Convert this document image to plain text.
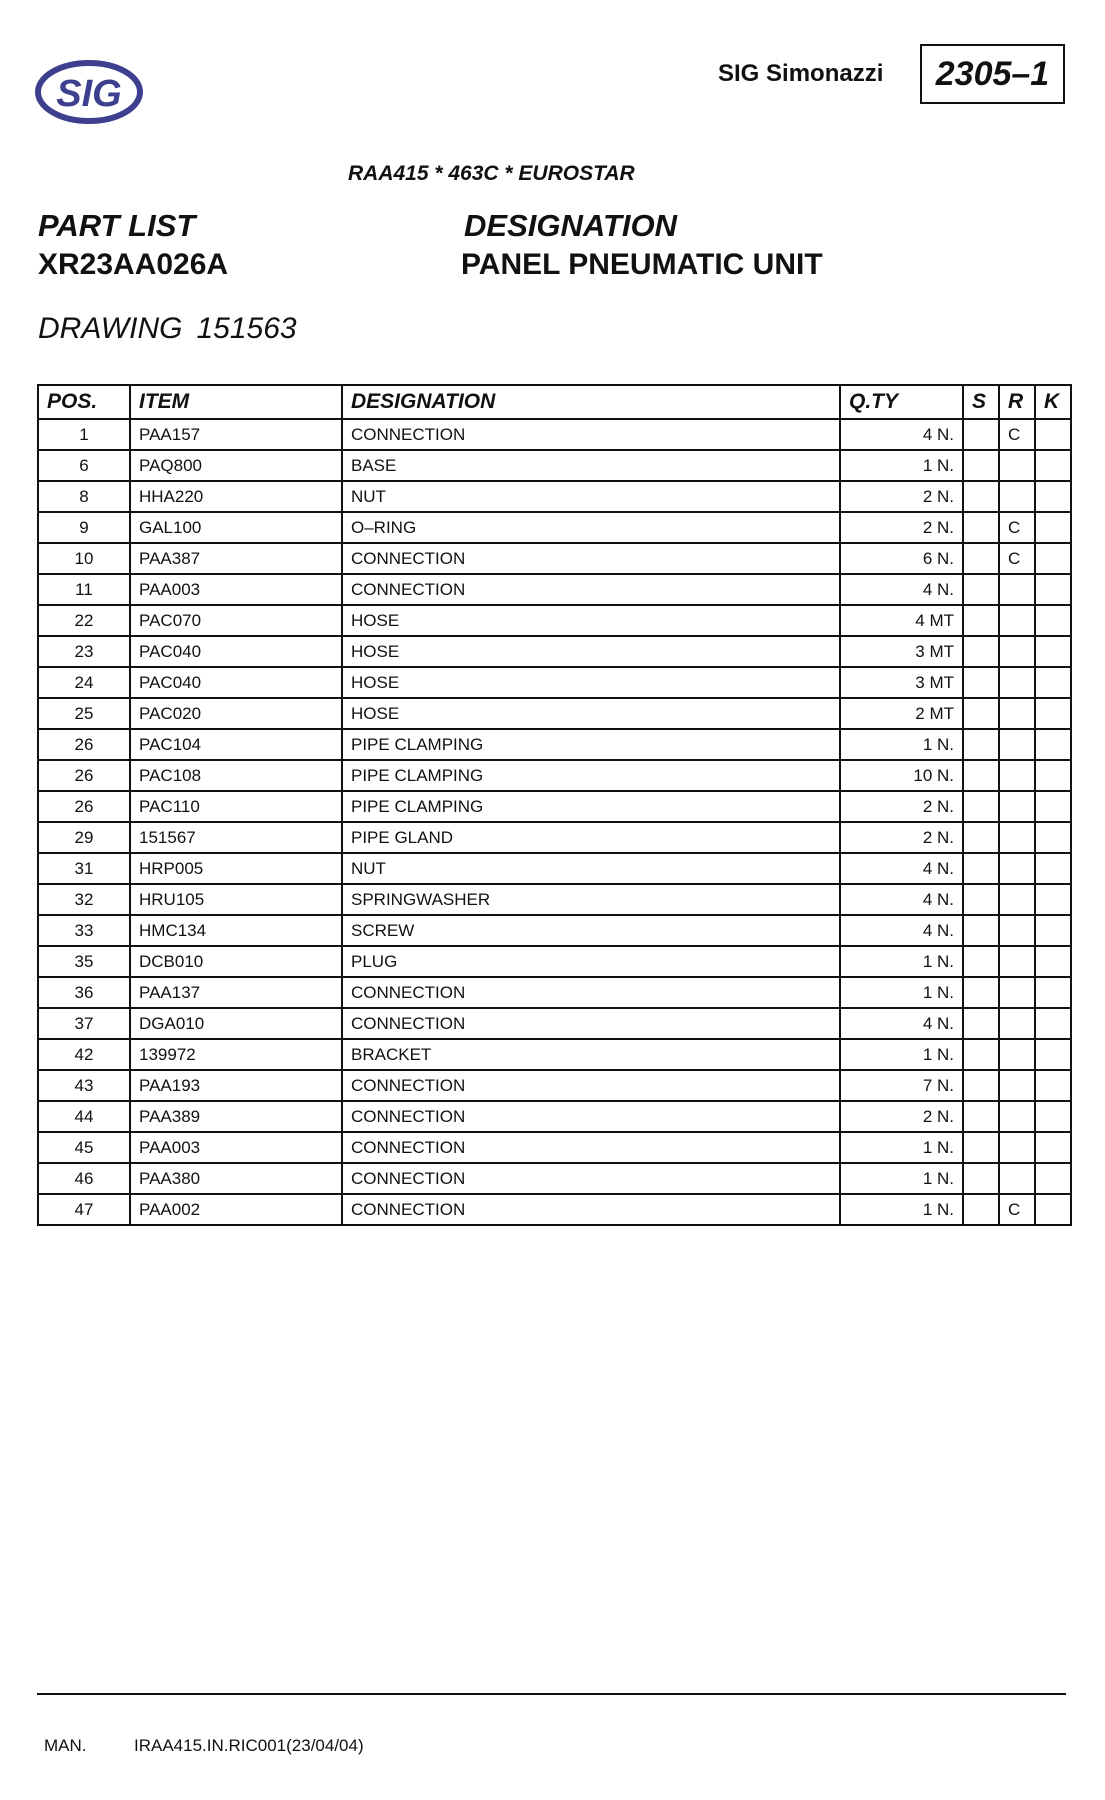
SIG	SIG Simonazzi	2305–1
RAA415 * 463C * EUROSTAR
PART LIST
XR23AA026A
DESIGNATION
PANEL PNEUMATIC UNIT
DRAWING 151563
POS.	ITEM	DESIGNATION	Q.TY	S	R	K
1	PAA157	CONNECTION	4 N.		C	
6	PAQ800	BASE	1 N.			
8	HHA220	NUT	2 N.			
9	GAL100	O–RING	2 N.		C	
10	PAA387	CONNECTION	6 N.		C	
11	PAA003	CONNECTION	4 N.			
22	PAC070	HOSE	4 MT			
23	PAC040	HOSE	3 MT			
24	PAC040	HOSE	3 MT			
25	PAC020	HOSE	2 MT			
26	PAC104	PIPE CLAMPING	1 N.			
26	PAC108	PIPE CLAMPING	10 N.			
26	PAC110	PIPE CLAMPING	2 N.			
29	151567	PIPE GLAND	2 N.			
31	HRP005	NUT	4 N.			
32	HRU105	SPRINGWASHER	4 N.			
33	HMC134	SCREW	4 N.			
35	DCB010	PLUG	1 N.			
36	PAA137	CONNECTION	1 N.			
37	DGA010	CONNECTION	4 N.			
42	139972	BRACKET	1 N.			
43	PAA193	CONNECTION	7 N.			
44	PAA389	CONNECTION	2 N.			
45	PAA003	CONNECTION	1 N.			
46	PAA380	CONNECTION	1 N.			
47	PAA002	CONNECTION	1 N.		C	
MAN.	IRAA415.IN.RIC001(23/04/04)
